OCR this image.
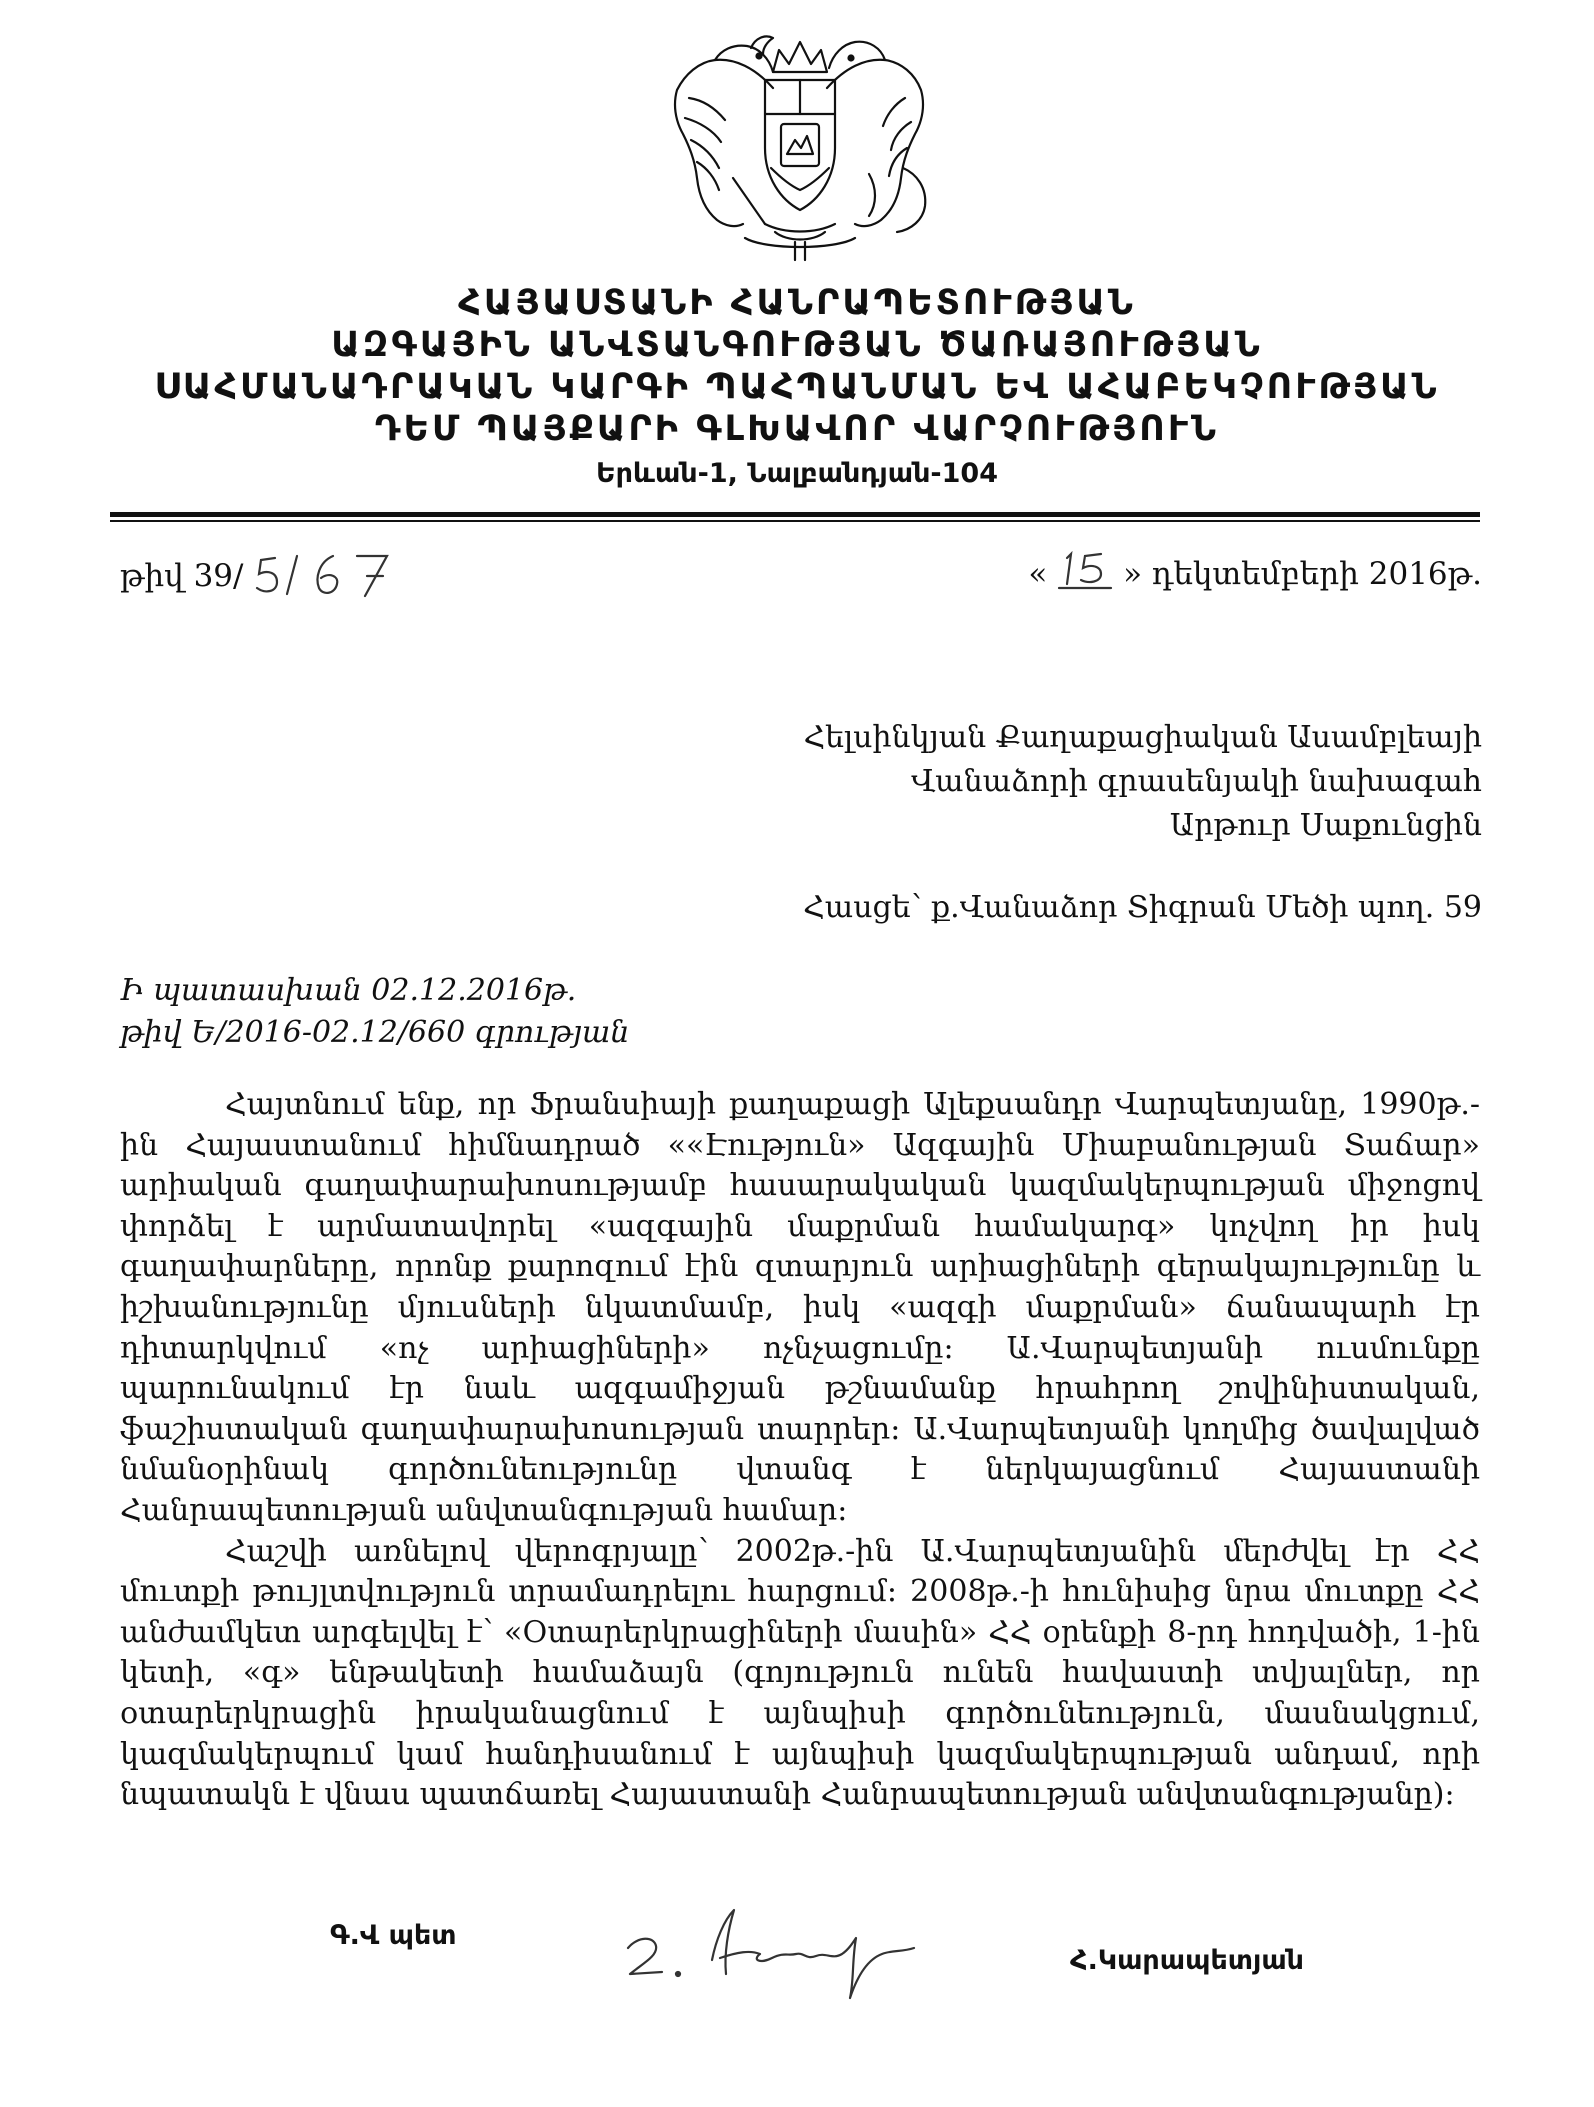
ՀԱՅԱՍՏԱՆԻ ՀԱՆՐԱՊԵՏՈՒԹՅԱՆ
ԱԶԳԱՅԻՆ ԱՆՎՏԱՆԳՈՒԹՅԱՆ ԾԱՌԱՅՈՒԹՅԱՆ
ՍԱՀՄԱՆԱԴՐԱԿԱՆ ԿԱՐԳԻ ՊԱՀՊԱՆՄԱՆ ԵՎ ԱՀԱԲԵԿՉՈՒԹՅԱՆ
ԴԵՄ ՊԱՅՔԱՐԻ ԳԼԽԱՎՈՐ ՎԱՐՉՈՒԹՅՈՒՆ
Երևան-1, Նալբանդյան-104
թիվ 39/	« » դեկտեմբերի 2016թ.
Հելսինկյան Քաղաքացիական Ասամբլեայի
Վանաձորի գրասենյակի նախագահ
Արթուր Սաքունցին
Հասցե՝ ք.Վանաձոր Տիգրան Մեծի պող. 59
Ի պատասխան 02.12.2016թ.
թիվ Ե/2016-02.12/660 գրության

Հայտնում ենք, որ Ֆրանսիայի քաղաքացի Ալեքսանդր Վարպետյանը, 1990թ.-ին Հայաստանում հիմնադրած ««Էություն» Ազգային Միաբանության Տաճար» արիական գաղափարախոսությամբ հասարակական կազմակերպության միջոցով փորձել է արմատավորել «ազգային մաքրման համակարգ» կոչվող իր իսկ գաղափարները, որոնք քարոզում էին զտարյուն արիացիների գերակայությունը և իշխանությունը մյուսների նկատմամբ, իսկ «ազգի մաքրման» ճանապարհ էր դիտարկվում «ոչ արիացիների» ոչնչացումը: Ա.Վարպետյանի ուսմունքը պարունակում էր նաև ազգամիջյան թշնամանք հրահրող շովինիստական, ֆաշիստական գաղափարախոսության տարրեր: Ա.Վարպետյանի կողմից ծավալված նմանօրինակ գործունեությունը վտանգ է ներկայացնում Հայաստանի Հանրապետության անվտանգության համար:

Հաշվի առնելով վերոգրյալը՝ 2002թ.-ին Ա.Վարպետյանին մերժվել էր ՀՀ մուտքի թույլտվություն տրամադրելու հարցում: 2008թ.-ի հունիսից նրա մուտքը ՀՀ անժամկետ արգելվել է՝ «Օտարերկրացիների մասին» ՀՀ օրենքի 8-րդ հոդվածի, 1-ին կետի, «գ» ենթակետի համաձայն (գոյություն ունեն հավաստի տվյալներ, որ օտարերկրացին իրականացնում է այնպիսի գործունեություն, մասնակցում, կազմակերպում կամ հանդիսանում է այնպիսի կազմակերպության անդամ, որի նպատակն է վնաս պատճառել Հայաստանի Հանրապետության անվտանգությանը):

Գ.Վ պետ
Հ.Կարապետյան
